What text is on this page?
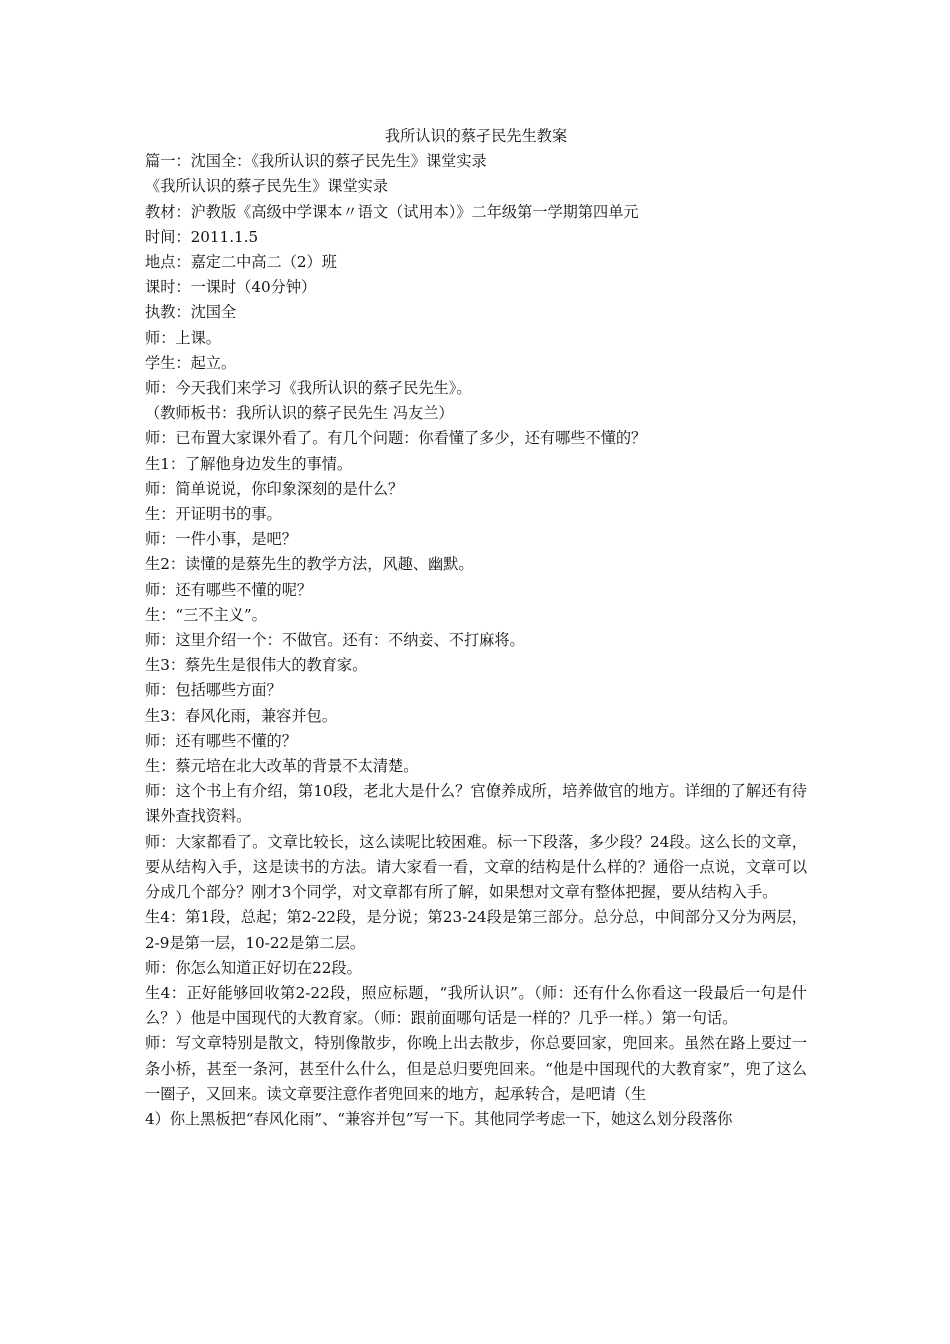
我所认识的蔡孑民先生教案

篇一：沈国全：《我所认识的蔡孑民先生》课堂实录

《我所认识的蔡孑民先生》课堂实录

教材：沪教版《高级中学课本〃语文（试用本）》二年级第一学期第四单元

时间：2011.1.5

地点：嘉定二中高二（2）班

课时：一课时（40分钟）

执教：沈国全

师：上课。

学生：起立。

师：今天我们来学习《我所认识的蔡孑民先生》。

（教师板书：我所认识的蔡孑民先生 冯友兰）

师：已布置大家课外看了。有几个问题：你看懂了多少，还有哪些不懂的？

生1：了解他身边发生的事情。

师：简单说说，你印象深刻的是什么？

生：开证明书的事。

师：一件小事，是吧？

生2：读懂的是蔡先生的教学方法，风趣、幽默。

师：还有哪些不懂的呢？

生：“三不主义”。

师：这里介绍一个：不做官。还有：不纳妾、不打麻将。

生3：蔡先生是很伟大的教育家。

师：包括哪些方面？

生3：春风化雨，兼容并包。

师：还有哪些不懂的？

生：蔡元培在北大改革的背景不太清楚。

师：这个书上有介绍，第10段，老北大是什么？官僚养成所，培养做官的地方。详细的了解还有待课外查找资料。

师：大家都看了。文章比较长，这么读呢比较困难。标一下段落，多少段？24段。这么长的文章，要从结构入手，这是读书的方法。请大家看一看，文章的结构是什么样的？通俗一点说，文章可以分成几个部分？刚才3个同学，对文章都有所了解，如果想对文章有整体把握，要从结构入手。

生4：第1段，总起；第2-22段，是分说；第23-24段是第三部分。总分总，中间部分又分为两层，2-9是第一层，10-22是第二层。

师：你怎么知道正好切在22段。

生4：正好能够回收第2-22段，照应标题，“我所认识”。（师：还有什么你看这一段最后一句是什么？）他是中国现代的大教育家。（师：跟前面哪句话是一样的？几乎一样。）第一句话。

师：写文章特别是散文，特别像散步，你晚上出去散步，你总要回家，兜回来。虽然在路上要过一条小桥，甚至一条河，甚至什么什么，但是总归要兜回来。“他是中国现代的大教育家”，兜了这么一圈子，又回来。读文章要注意作者兜回来的地方，起承转合，是吧请（生

4）你上黑板把“春风化雨”、“兼容并包”写一下。其他同学考虑一下，她这么划分段落你
